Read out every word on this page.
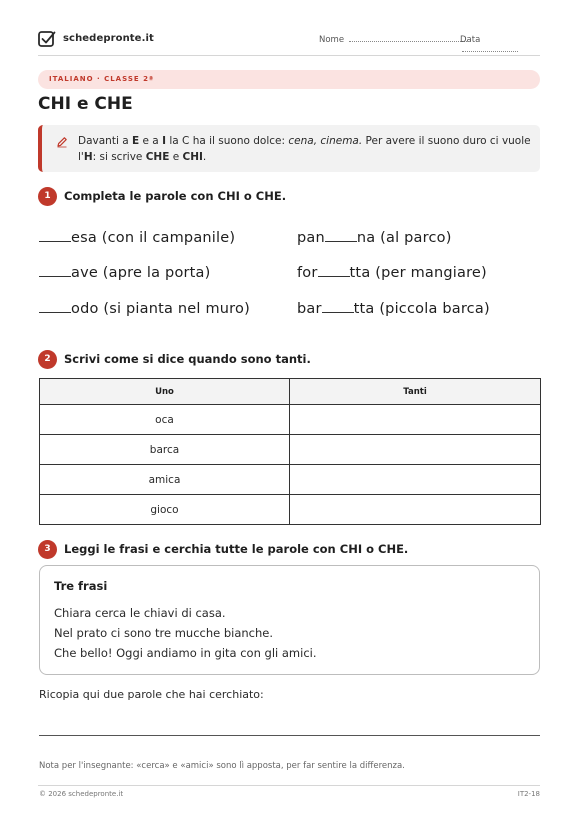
schedepronte.it	Nome	Data
ITALIANO · CLASSE 2ª
CHI e CHE
Davanti a E e a I la C ha il suono dolce: cena, cinema. Per avere il suono duro ci vuole l'H: si scrive CHE e CHI.
1	Completa le parole con CHI o CHE.
esa (con il campanile)
ave (apre la porta)
odo (si pianta nel muro)
pan na (al parco)
for tta (per mangiare)
bar tta (piccola barca)
2	Scrivi come si dice quando sono tanti.
Uno	Tanti
oca	
barca	
amica	
gioco	
3	Leggi le frasi e cerchia tutte le parole con CHI o CHE.
Tre frasi
Chiara cerca le chiavi di casa.
Nel prato ci sono tre mucche bianche.
Che bello! Oggi andiamo in gita con gli amici.
Ricopia qui due parole che hai cerchiato:
Nota per l'insegnante: «cerca» e «amici» sono lì apposta, per far sentire la differenza.
© 2026 schedepronte.it	IT2-18
